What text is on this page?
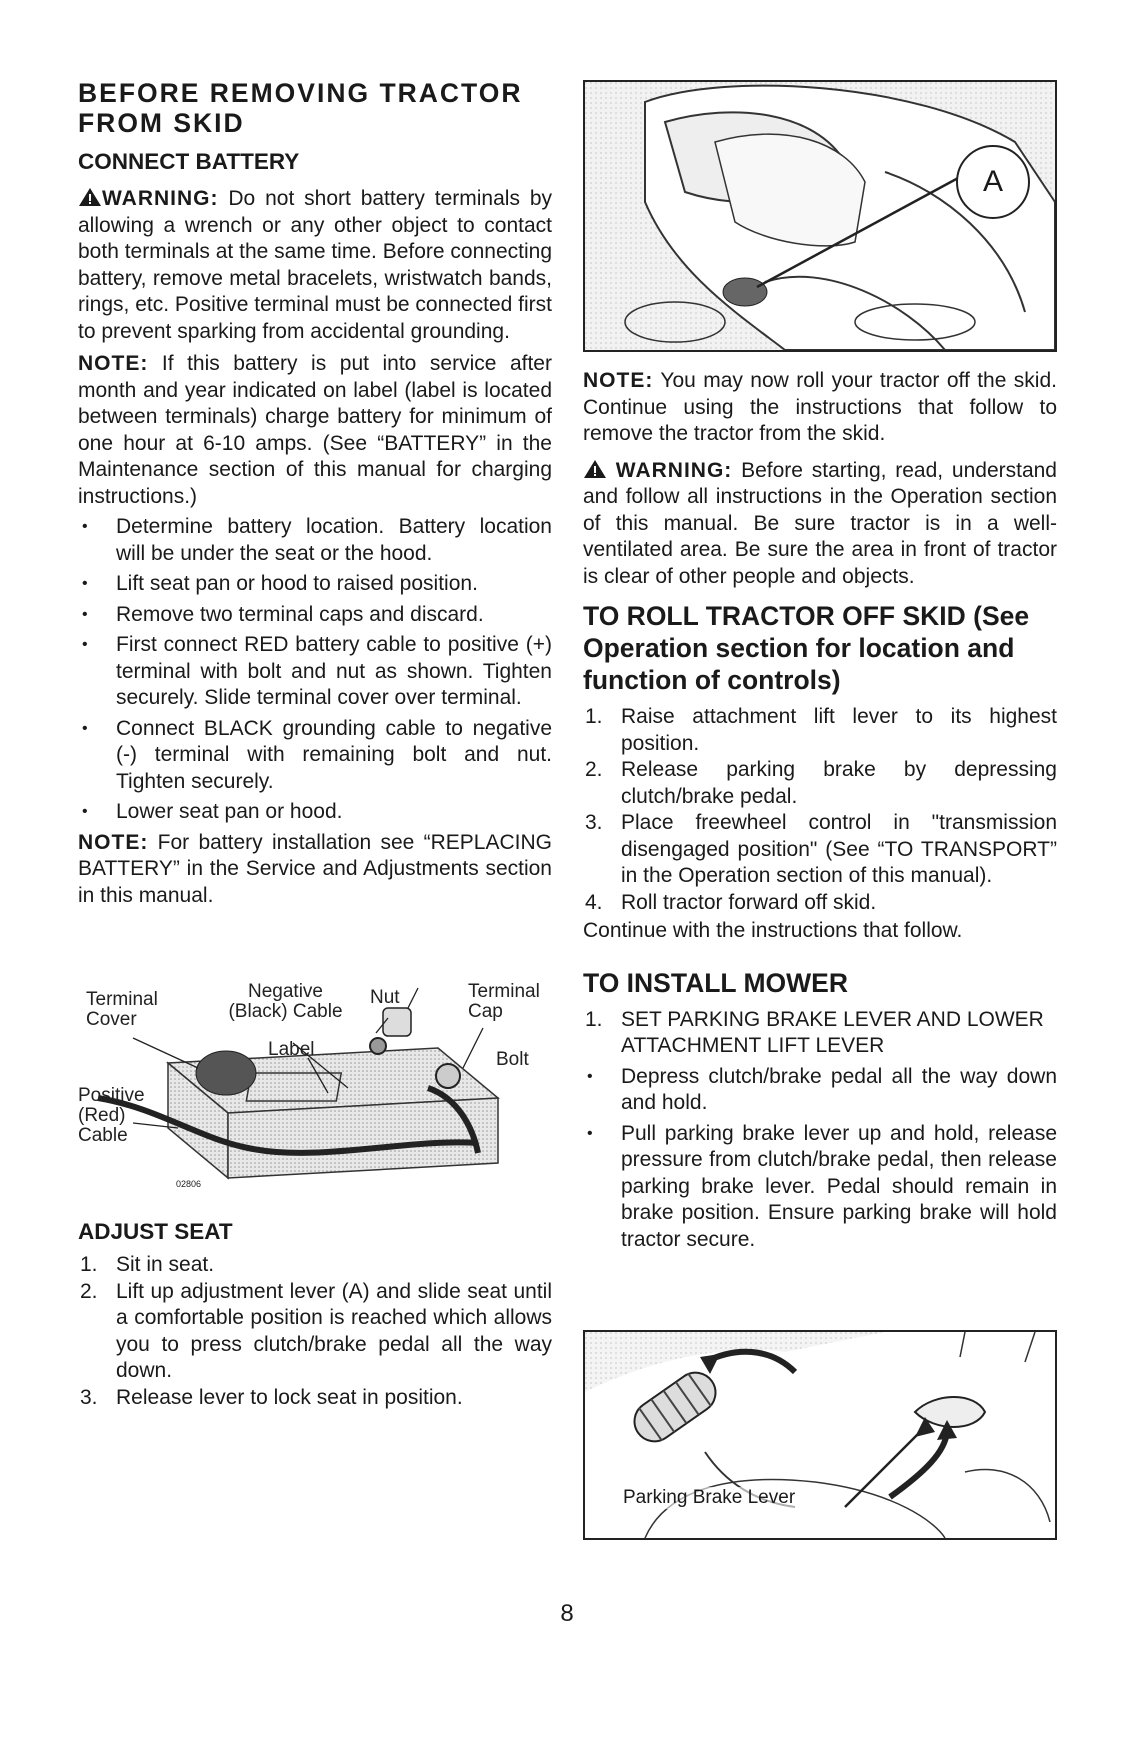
BEFORE REMOVING TRACTOR FROM SKID
CONNECT BATTERY

WARNING: Do not short battery terminals by allowing a wrench or any other object to contact both terminals at the same time. Before connecting battery, remove metal bracelets, wristwatch bands, rings, etc. Positive terminal must be connected first to prevent sparking from accidental grounding.

NOTE: If this battery is put into service after month and year indicated on label (label is located between terminals) charge battery for minimum of one hour at 6-10 amps. (See “BATTERY” in the Maintenance section of this manual for charging instructions.)

• Determine battery location. Battery location will be under the seat or the hood.
• Lift seat pan or hood to raised position.
• Remove two terminal caps and discard.
• First connect RED battery cable to positive (+) terminal with bolt and nut as shown. Tighten securely. Slide terminal cover over terminal.
• Connect BLACK grounding cable to negative (-) terminal with remaining bolt and nut. Tighten securely.
• Lower seat pan or hood.

NOTE: For battery installation see “REPLACING BATTERY” in the Service and Adjustments section in this manual.

Terminal Cover
Negative (Black) Cable
Nut	Terminal Cap
Label	Bolt
Positive (Red) Cable
02806
ADJUST SEAT
1. Sit in seat.
2. Lift up adjustment lever (A) and slide seat until a comfortable position is reached which allows you to press clutch/brake pedal all the way down.
3. Release lever to lock seat in position.
A

NOTE: You may now roll your tractor off the skid. Continue using the instructions that follow to remove the tractor from the skid.

WARNING: Before starting, read, understand and follow all instructions in the Operation section of this manual. Be sure tractor is in a well-ventilated area. Be sure the area in front of tractor is clear of other people and objects.

TO ROLL TRACTOR OFF SKID (See Operation section for location and function of controls)
1. Raise attachment lift lever to its highest position.
2. Release parking brake by depressing clutch/brake pedal.
3. Place freewheel control in "transmission disengaged position" (See “TO TRANSPORT” in the Operation section of this manual).
4. Roll tractor forward off skid.

Continue with the instructions that follow.

TO INSTALL MOWER
1. SET PARKING BRAKE LEVER AND LOWER ATTACHMENT LIFT LEVER
• Depress clutch/brake pedal all the way down and hold.
• Pull parking brake lever up and hold, release pressure from clutch/brake pedal, then release parking brake lever. Pedal should remain in brake position. Ensure parking brake will hold tractor secure.
Parking Brake Lever
8
